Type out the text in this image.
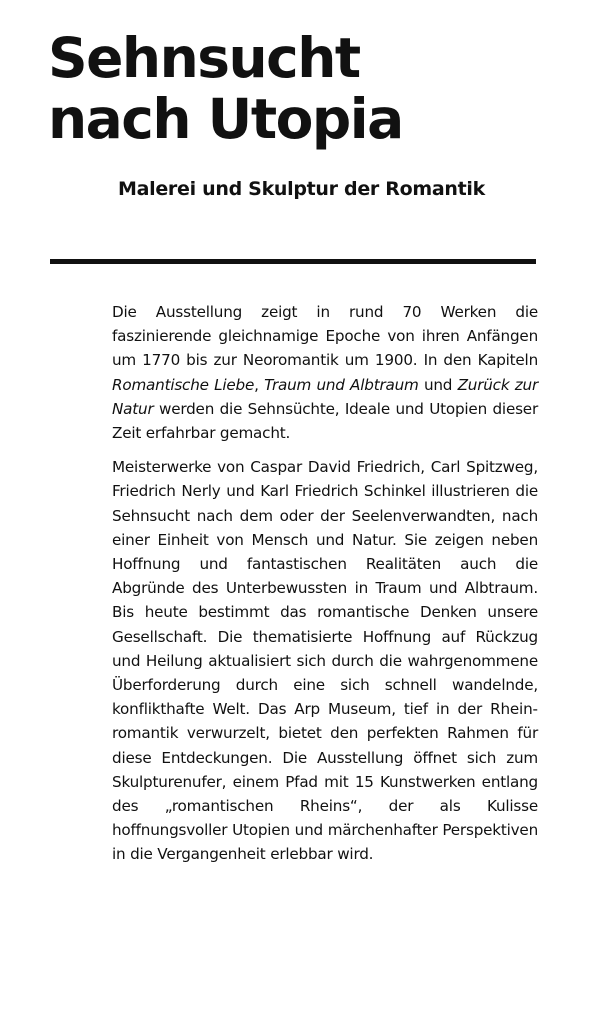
Sehnsucht
nach Utopia
Malerei und Skulptur der Romantik

Die Ausstellung zeigt in rund 70 Werken die faszinierende gleichnamige Epoche von ihren Anfängen um 1770 bis zur Neoromantik um 1900. In den Kapiteln Romantische Liebe, Traum und Albtraum und Zurück zur Natur werden die Sehnsüchte, Ideale und Utopien dieser Zeit erfahrbar gemacht.

Meisterwerke von Caspar David Friedrich, Carl Spitzweg, Friedrich Nerly und Karl Friedrich Schinkel illustrieren die Sehnsucht nach dem oder der Seelenverwandten, nach einer Einheit von Mensch und Natur. Sie zeigen neben Hoffnung und fantastischen Realitäten auch die Abgründe des Unterbewussten in Traum und Albtraum. Bis heute bestimmt das romantische Denken unsere Gesellschaft. Die thematisierte Hoffnung auf Rückzug und Heilung aktualisiert sich durch die wahrgenommene Überforderung durch eine sich schnell wandelnde, konflikthafte Welt. Das Arp Museum, tief in der Rheinromantik verwurzelt, bietet den perfekten Rahmen für diese Entdeckungen. Die Ausstellung öffnet sich zum Skulpturenufer, einem Pfad mit 15 Kunstwerken entlang des „romantischen Rheins“, der als Kulisse hoffnungsvoller Utopien und märchenhafter Perspektiven in die Vergangenheit erlebbar wird.
